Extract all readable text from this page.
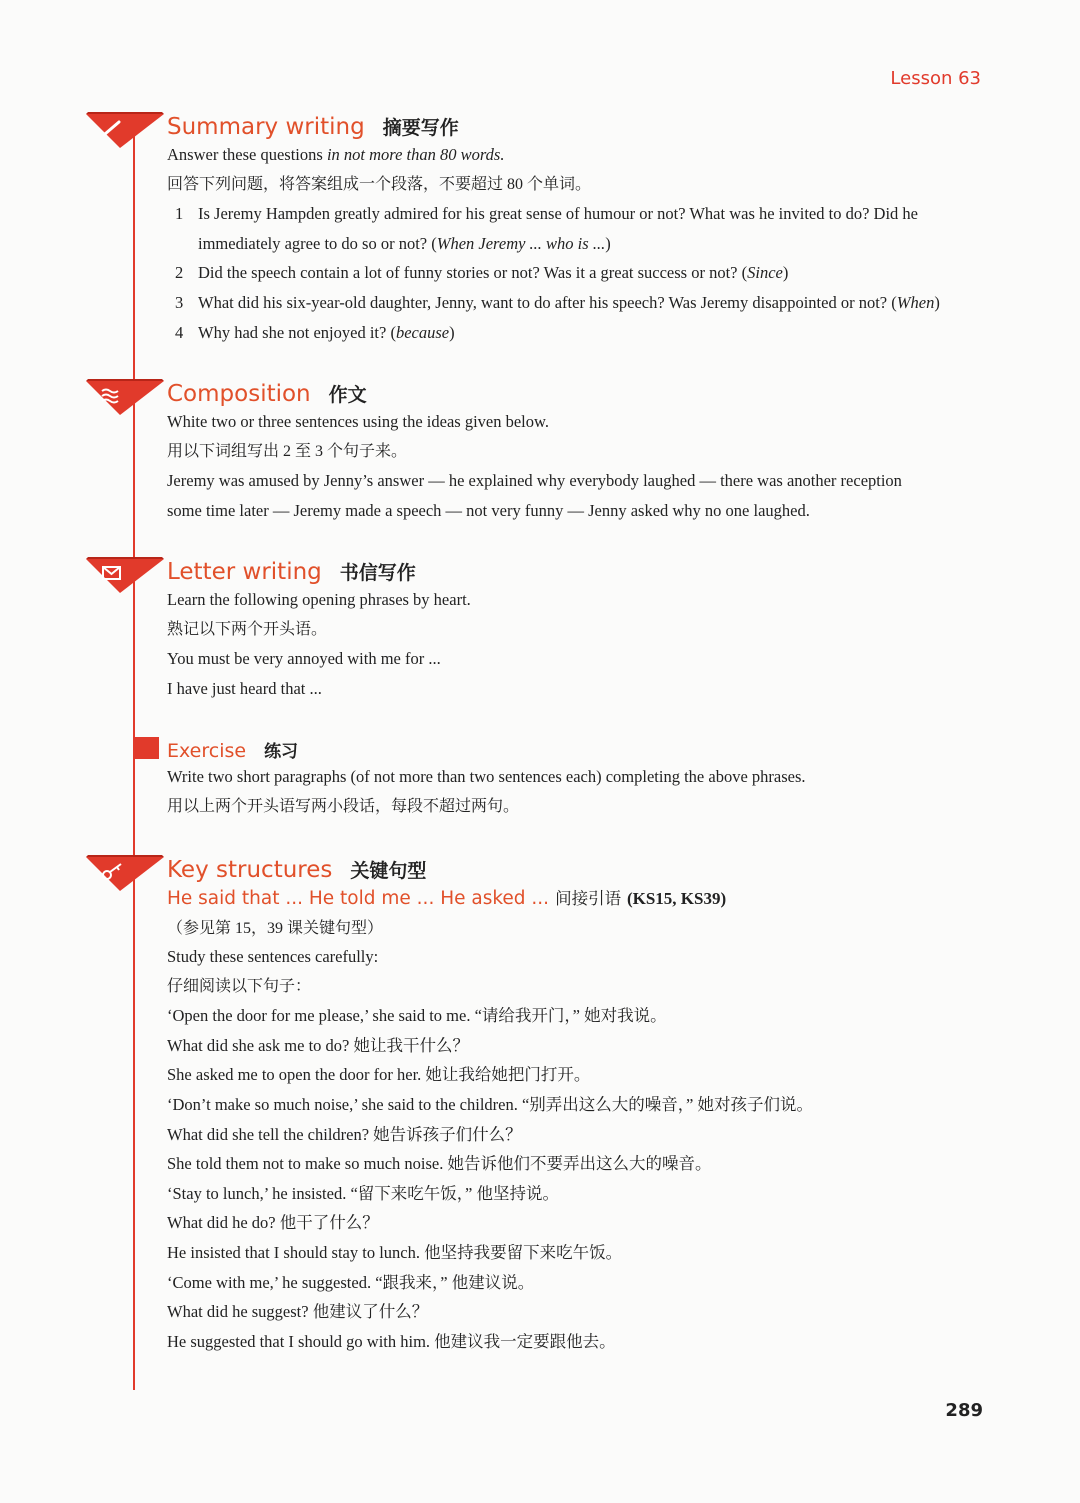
Lesson 63
Summary writing 摘要写作
Answer these questions in not more than 80 words.
回答下列问题，将答案组成一个段落，不要超过 80 个单词。
1 Is Jeremy Hampden greatly admired for his great sense of humour or not? What was he invited to do? Did he immediately agree to do so or not? (When Jeremy ... who is ...)
2 Did the speech contain a lot of funny stories or not? Was it a great success or not? (Since)
3 What did his six-year-old daughter, Jenny, want to do after his speech? Was Jeremy disappointed or not? (When)
4 Why had she not enjoyed it? (because)
Composition 作文
White two or three sentences using the ideas given below.
用以下词组写出 2 至 3 个句子来。
Jeremy was amused by Jenny’s answer — he explained why everybody laughed — there was another reception
some time later — Jeremy made a speech — not very funny — Jenny asked why no one laughed.
Letter writing 书信写作
Learn the following opening phrases by heart.
熟记以下两个开头语。
You must be very annoyed with me for ...
I have just heard that ...
Exercise 练习
Write two short paragraphs (of not more than two sentences each) completing the above phrases.
用以上两个开头语写两小段话，每段不超过两句。
Key structures 关键句型
He said that ... He told me ... He asked ... 间接引语 (KS15, KS39)
（参见第 15，39 课关键句型）
Study these sentences carefully:
仔细阅读以下句子：
‘Open the door for me please,’ she said to me. “请给我开门，” 她对我说。
What did she ask me to do? 她让我干什么？
She asked me to open the door for her. 她让我给她把门打开。
‘Don’t make so much noise,’ she said to the children. “别弄出这么大的噪音，” 她对孩子们说。
What did she tell the children? 她告诉孩子们什么？
She told them not to make so much noise. 她告诉他们不要弄出这么大的噪音。
‘Stay to lunch,’ he insisted. “留下来吃午饭，” 他坚持说。
What did he do? 他干了什么？
He insisted that I should stay to lunch. 他坚持我要留下来吃午饭。
‘Come with me,’ he suggested. “跟我来，” 他建议说。
What did he suggest? 他建议了什么？
He suggested that I should go with him. 他建议我一定要跟他去。
289
